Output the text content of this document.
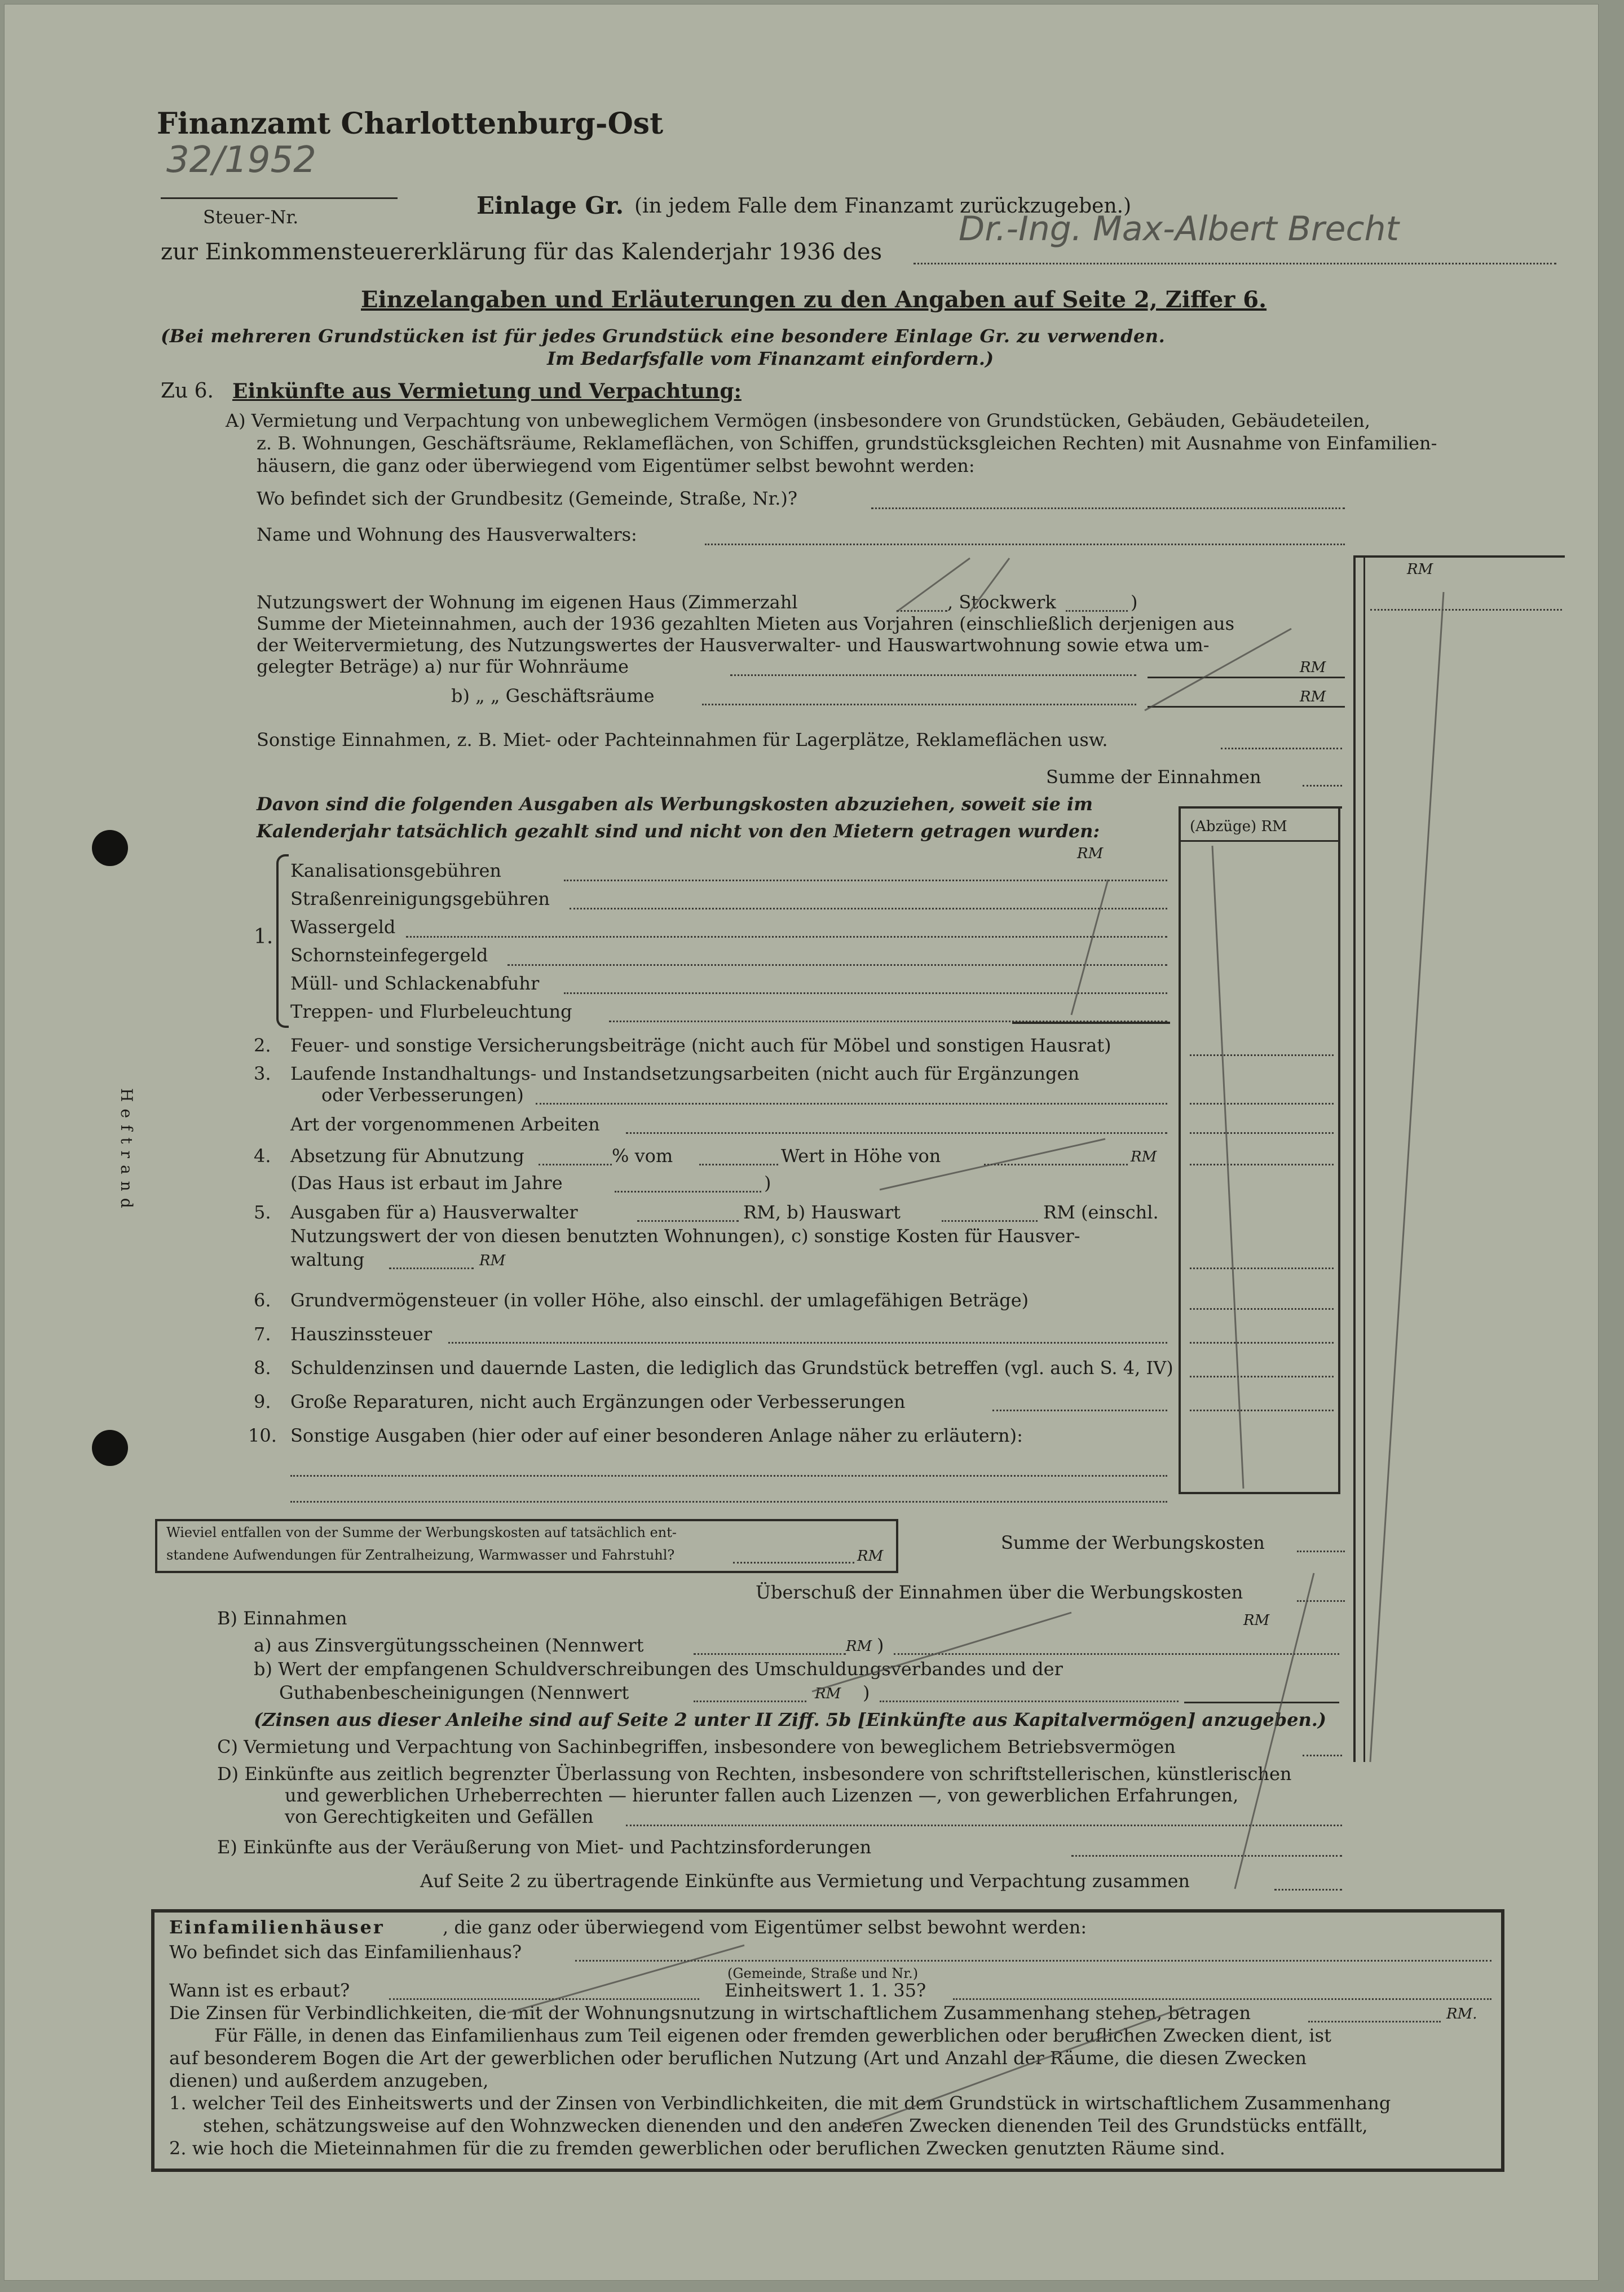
Heftrand
Finanzamt Charlottenburg-Ost
32/1952
Steuer-Nr.	Einlage Gr. (in jedem Falle dem Finanzamt zurückzugeben.)
zur Einkommensteuererklärung für das Kalenderjahr 1936 des
Dr.-Ing. Max-Albert Brecht
Einzelangaben und Erläuterungen zu den Angaben auf Seite 2, Ziffer 6.
(Bei mehreren Grundstücken ist für jedes Grundstück eine besondere Einlage Gr. zu verwenden.
Im Bedarfsfalle vom Finanzamt einfordern.)
Zu 6. Einkünfte aus Vermietung und Verpachtung:
A) Vermietung und Verpachtung von unbeweglichem Vermögen (insbesondere von Grundstücken, Gebäuden, Gebäudeteilen,
z. B. Wohnungen, Geschäftsräume, Reklameflächen, von Schiffen, grundstücksgleichen Rechten) mit Ausnahme von Einfamilien-
häusern, die ganz oder überwiegend vom Eigentümer selbst bewohnt werden:
Wo befindet sich der Grundbesitz (Gemeinde, Straße, Nr.)?
Name und Wohnung des Hausverwalters:
RM
Nutzungswert der Wohnung im eigenen Haus (Zimmerzahl	, Stockwerk	)
Summe der Mieteinnahmen, auch der 1936 gezahlten Mieten aus Vorjahren (einschließlich derjenigen aus
der Weitervermietung, des Nutzungswertes der Hausverwalter- und Hauswartwohnung sowie etwa um-
gelegter Beträge) a) nur für Wohnräume	RM
b) „ „ Geschäftsräume	RM
Sonstige Einnahmen, z. B. Miet- oder Pachteinnahmen für Lagerplätze, Reklameflächen usw.
Summe der Einnahmen
Davon sind die folgenden Ausgaben als Werbungskosten abzuziehen, soweit sie im
Kalenderjahr tatsächlich gezahlt sind und nicht von den Mietern getragen wurden:	(Abzüge) RM
1.
RM
Kanalisationsgebühren
Straßenreinigungsgebühren
Wassergeld
Schornsteinfegergeld
Müll- und Schlackenabfuhr
Treppen- und Flurbeleuchtung
2. Feuer- und sonstige Versicherungsbeiträge (nicht auch für Möbel und sonstigen Hausrat)
3. Laufende Instandhaltungs- und Instandsetzungsarbeiten (nicht auch für Ergänzungen
oder Verbesserungen)
Art der vorgenommenen Arbeiten
4. Absetzung für Abnutzung	% vom	Wert in Höhe von	RM
(Das Haus ist erbaut im Jahre	)
5. Ausgaben für a) Hausverwalter	RM, b) Hauswart	RM (einschl.
Nutzungswert der von diesen benutzten Wohnungen), c) sonstige Kosten für Hausver-
waltung	RM
6. Grundvermögensteuer (in voller Höhe, also einschl. der umlagefähigen Beträge)
7. Hauszinssteuer
8. Schuldenzinsen und dauernde Lasten, die lediglich das Grundstück betreffen (vgl. auch S. 4, IV)
9. Große Reparaturen, nicht auch Ergänzungen oder Verbesserungen
10. Sonstige Ausgaben (hier oder auf einer besonderen Anlage näher zu erläutern):
Wieviel entfallen von der Summe der Werbungskosten auf tatsächlich ent-
standene Aufwendungen für Zentralheizung, Warmwasser und Fahrstuhl?	RM
Summe der Werbungskosten
Überschuß der Einnahmen über die Werbungskosten
B) Einnahmen	RM
a) aus Zinsvergütungsscheinen (Nennwert	RM )
b) Wert der empfangenen Schuldverschreibungen des Umschuldungsverbandes und der
Guthabenbescheinigungen (Nennwert	RM )
(Zinsen aus dieser Anleihe sind auf Seite 2 unter II Ziff. 5b [Einkünfte aus Kapitalvermögen] anzugeben.)
C) Vermietung und Verpachtung von Sachinbegriffen, insbesondere von beweglichem Betriebsvermögen
D) Einkünfte aus zeitlich begrenzter Überlassung von Rechten, insbesondere von schriftstellerischen, künstlerischen
und gewerblichen Urheberrechten — hierunter fallen auch Lizenzen —, von gewerblichen Erfahrungen,
von Gerechtigkeiten und Gefällen
E) Einkünfte aus der Veräußerung von Miet- und Pachtzinsforderungen
Auf Seite 2 zu übertragende Einkünfte aus Vermietung und Verpachtung zusammen
Einfamilienhäuser	, die ganz oder überwiegend vom Eigentümer selbst bewohnt werden:
Wo befindet sich das Einfamilienhaus?
(Gemeinde, Straße und Nr.)
Wann ist es erbaut?	Einheitswert 1. 1. 35?
Die Zinsen für Verbindlichkeiten, die mit der Wohnungsnutzung in wirtschaftlichem Zusammenhang stehen, betragen	RM.
Für Fälle, in denen das Einfamilienhaus zum Teil eigenen oder fremden gewerblichen oder beruflichen Zwecken dient, ist
auf besonderem Bogen die Art der gewerblichen oder beruflichen Nutzung (Art und Anzahl der Räume, die diesen Zwecken
dienen) und außerdem anzugeben,
1. welcher Teil des Einheitswerts und der Zinsen von Verbindlichkeiten, die mit dem Grundstück in wirtschaftlichem Zusammenhang
stehen, schätzungsweise auf den Wohnzwecken dienenden und den anderen Zwecken dienenden Teil des Grundstücks entfällt,
2. wie hoch die Mieteinnahmen für die zu fremden gewerblichen oder beruflichen Zwecken genutzten Räume sind.
